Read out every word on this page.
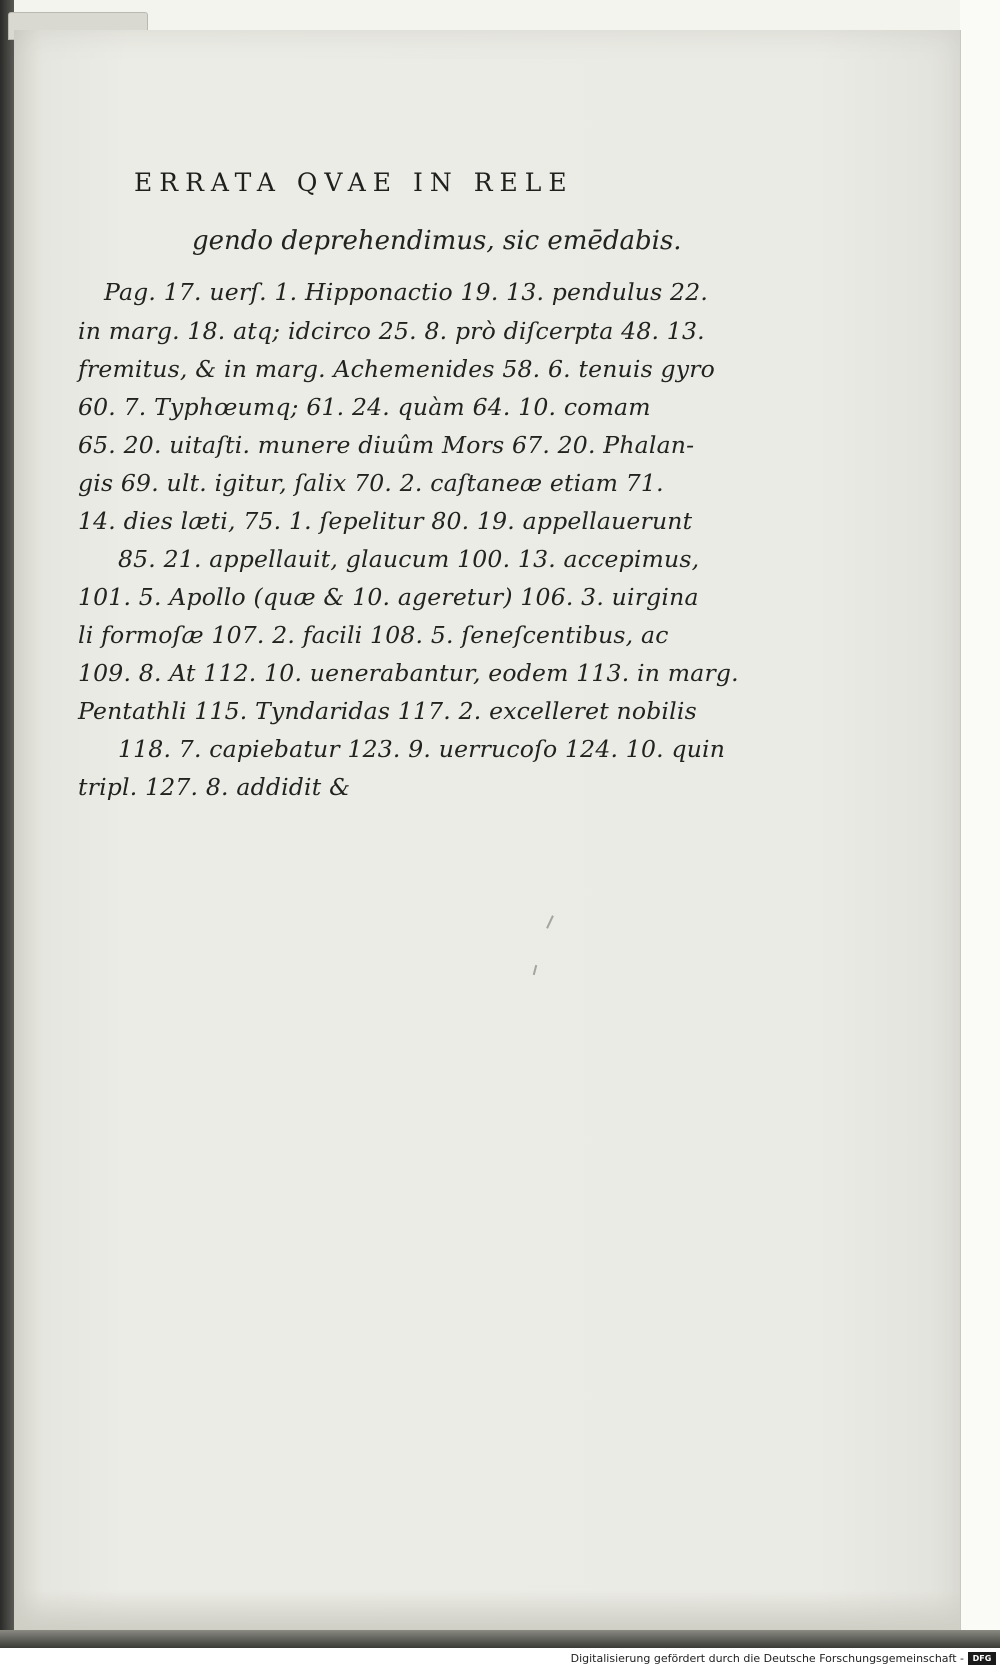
ERRATA QVAE IN RELE
gendo deprehendimus, sic emēdabis.
Pag. 17. uerſ. 1. Hipponactio 19. 13. pendulus 22.
in marg. 18. atq; idcirco 25. 8. prò diſcerpta 48. 13.
fremitus, & in marg. Achemenides 58. 6. tenuis gyro
60. 7. Typhœumq; 61. 24. quàm 64. 10. comam
65. 20. uitaſti. munere diuûm Mors 67. 20. Phalan-
gis 69. ult. igitur, ſalix 70. 2. caſtaneæ etiam 71.
14. dies læti, 75. 1. ſepelitur 80. 19. appellauerunt
85. 21. appellauit, glaucum 100. 13. accepimus,
101. 5. Apollo (quæ & 10. ageretur) 106. 3. uirgina
li formoſæ 107. 2. facili 108. 5. ſeneſcentibus, ac
109. 8. At 112. 10. uenerabantur, eodem 113. in marg.
Pentathli 115. Tyndaridas 117. 2. excelleret nobilis
118. 7. capiebatur 123. 9. uerrucoſo 124. 10. quin
tripl. 127. 8. addidit &
Digitalisierung gefördert durch die Deutsche Forschungsgemeinschaft -	DFG
